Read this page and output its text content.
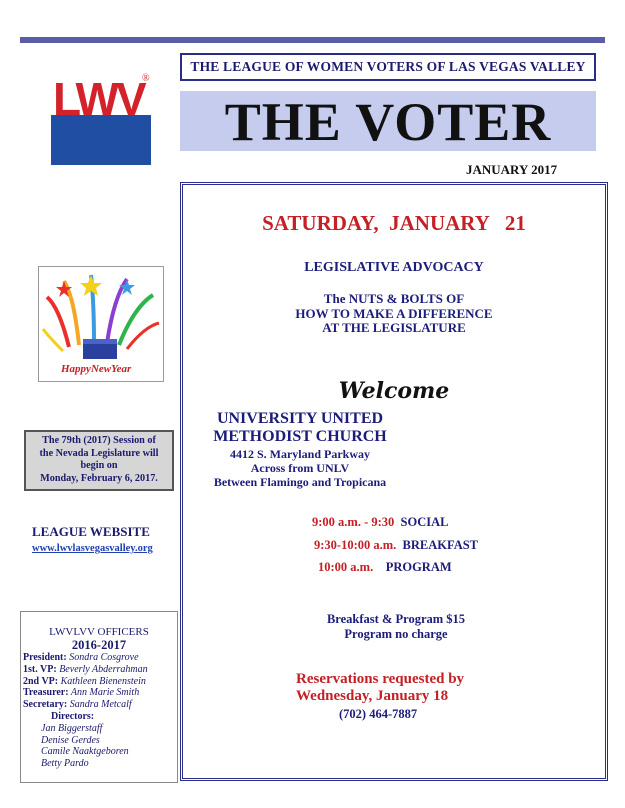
LWV
®
THE LEAGUE OF WOMEN VOTERS OF LAS VEGAS VALLEY
THE VOTER
JANUARY 2017
HappyNewYear
The 79th (2017) Session of
the Nevada Legislature will
begin on
Monday, February 6, 2017.
LEAGUE WEBSITE
www.lwvlasvegasvalley.org
LWVLVV OFFICERS
2016-2017
President: Sondra Cosgrove
1st. VP: Beverly Abderrahman
2nd VP: Kathleen Bienenstein
Treasurer: Ann Marie Smith
Secretary: Sandra Metcalf
Directors:
Jan Biggerstaff
Denise Gerdes
Camile Naaktgeboren
Betty Pardo
SATURDAY,  JANUARY   21
LEGISLATIVE ADVOCACY
The NUTS & BOLTS OF
HOW TO MAKE A DIFFERENCE
AT THE LEGISLATURE
Welcome
UNIVERSITY UNITED
METHODIST CHURCH
4412 S. Maryland Parkway
Across from UNLV
Between Flamingo and Tropicana
9:00 a.m. - 9:30 SOCIAL
9:30-10:00 a.m. BREAKFAST
10:00 a.m. PROGRAM
Breakfast & Program $15
Program no charge
Reservations requested by
Wednesday, January 18
(702) 464-7887
